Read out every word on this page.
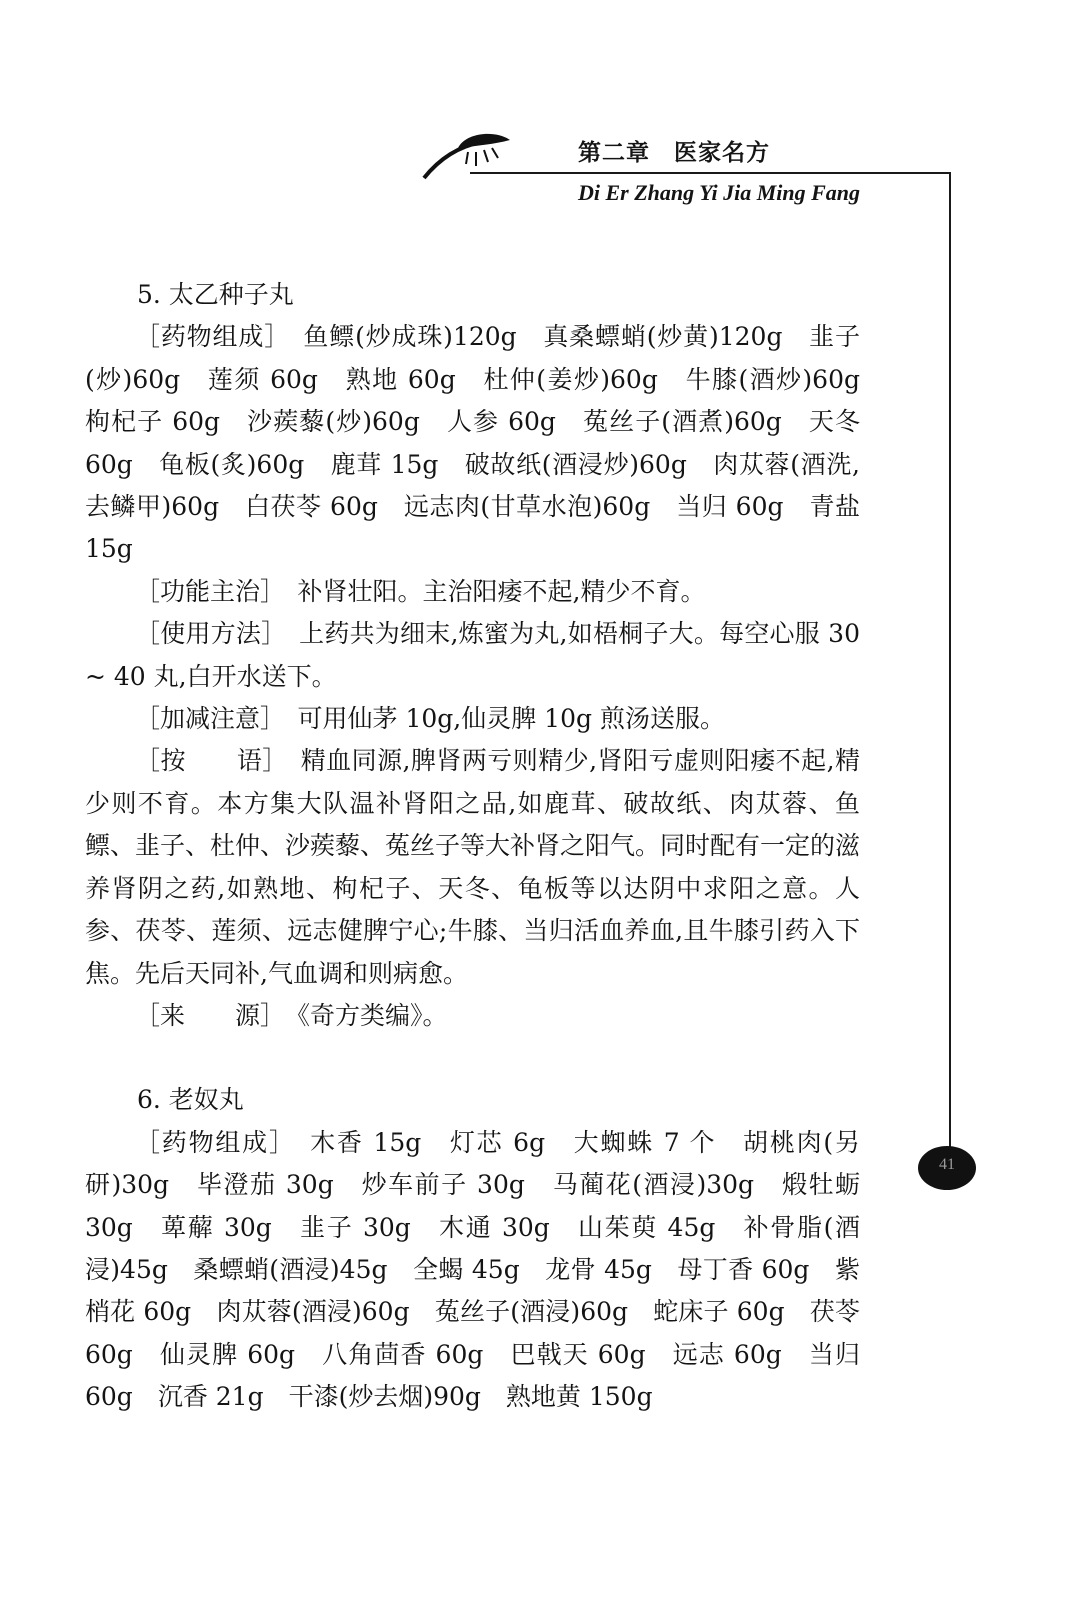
第二章　医家名方
Di Er Zhang Yi Jia Ming Fang
41
5. 太乙种子丸

［药物组成］　 鱼鳔(炒成珠)120g　真桑螵蛸(炒黄)120g　韭子(炒)60g　莲须 60g　熟地 60g　杜仲(姜炒)60g　牛膝(酒炒)60g　枸杞子 60g　沙蒺藜(炒)60g　人参 60g　菟丝子(酒煮)60g　天冬 60g　龟板(炙)60g　鹿茸 15g　破故纸(酒浸炒)60g　肉苁蓉(酒洗,去鳞甲)60g　白茯苓 60g　远志肉(甘草水泡)60g　当归 60g　青盐 15g

［功能主治］　 补肾壮阳。主治阳痿不起,精少不育。

［使用方法］　 上药共为细末,炼蜜为丸,如梧桐子大。每空心服 30 ~ 40 丸,白开水送下。

［加减注意］　 可用仙茅 10g,仙灵脾 10g 煎汤送服。

［按　　语］　 精血同源,脾肾两亏则精少,肾阳亏虚则阳痿不起,精少则不育。本方集大队温补肾阳之品,如鹿茸、破故纸、肉苁蓉、鱼鳔、韭子、杜仲、沙蒺藜、菟丝子等大补肾之阳气。同时配有一定的滋养肾阴之药,如熟地、枸杞子、天冬、龟板等以达阴中求阳之意。人参、茯苓、莲须、远志健脾宁心;牛膝、当归活血养血,且牛膝引药入下焦。先后天同补,气血调和则病愈。

［来　　源］　 《奇方类编》。

6. 老奴丸

［药物组成］　 木香 15g　灯芯 6g　大蜘蛛 7 个　胡桃肉(另研)30g　毕澄茄 30g　炒车前子 30g　马蔺花(酒浸)30g　煅牡蛎 30g　萆薢 30g　韭子 30g　木通 30g　山茱萸 45g　补骨脂(酒浸)45g　桑螵蛸(酒浸)45g　全蝎 45g　龙骨 45g　母丁香 60g　紫梢花 60g　肉苁蓉(酒浸)60g　菟丝子(酒浸)60g　蛇床子 60g　茯苓 60g　仙灵脾 60g　八角茴香 60g　巴戟天 60g　远志 60g　当归 60g　沉香 21g　干漆(炒去烟)90g　熟地黄 150g
